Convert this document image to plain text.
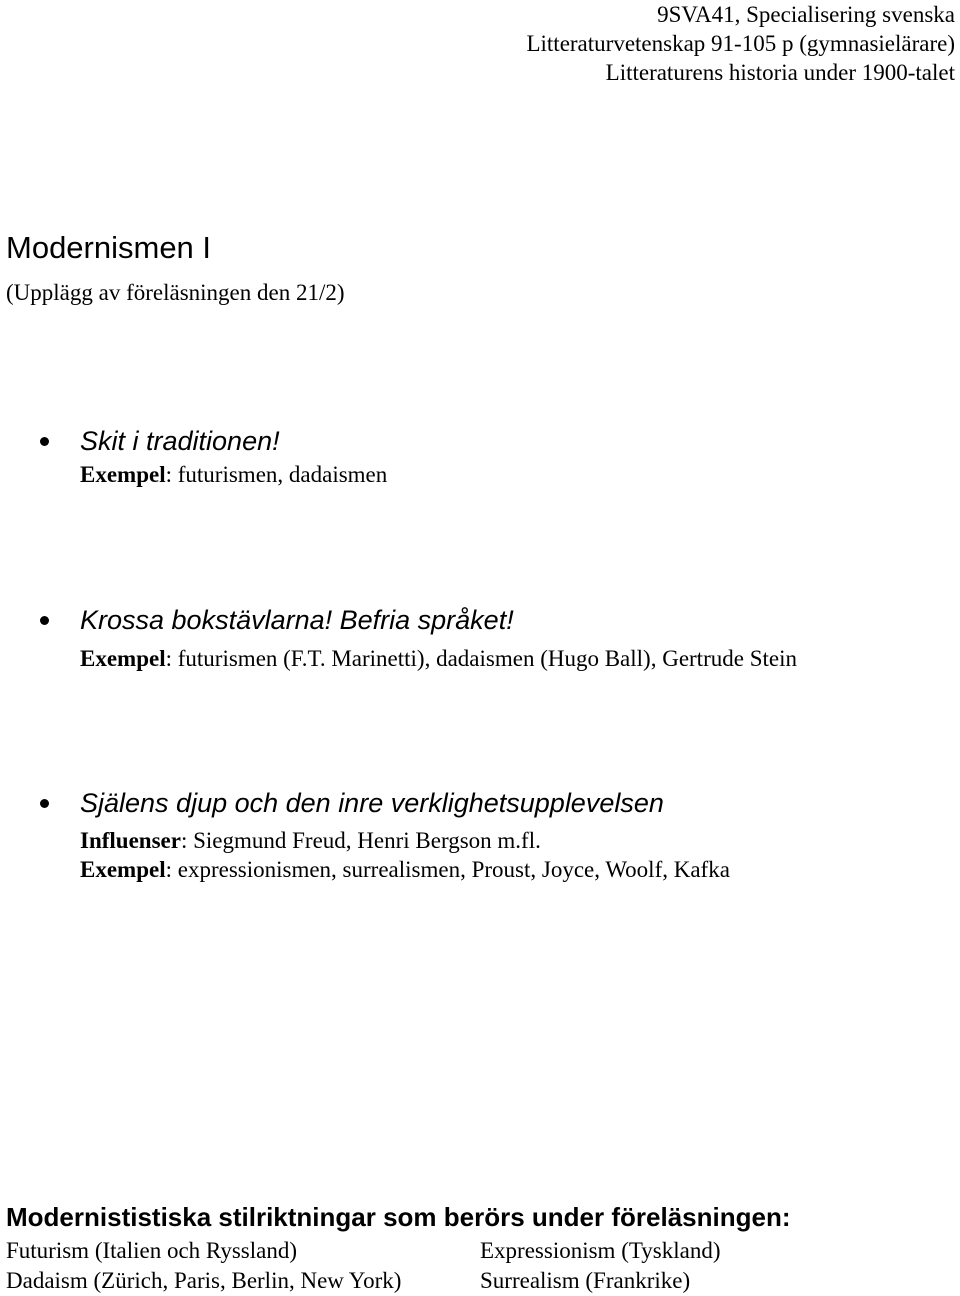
9SVA41, Specialisering svenska
Litteraturvetenskap 91-105 p (gymnasielärare)
Litteraturens historia under 1900-talet
Modernismen I
(Upplägg av föreläsningen den 21/2)
Skit i traditionen!
Exempel: futurismen, dadaismen
Krossa bokstävlarna! Befria språket!
Exempel: futurismen (F.T. Marinetti), dadaismen (Hugo Ball), Gertrude Stein
Själens djup och den inre verklighetsupplevelsen
Influenser: Siegmund Freud, Henri Bergson m.fl.
Exempel: expressionismen, surrealismen, Proust, Joyce, Woolf, Kafka
Modernististiska stilriktningar som berörs under föreläsningen:
Futurism (Italien och Ryssland)	Expressionism (Tyskland)
Dadaism (Zürich, Paris, Berlin, New York)	Surrealism (Frankrike)
